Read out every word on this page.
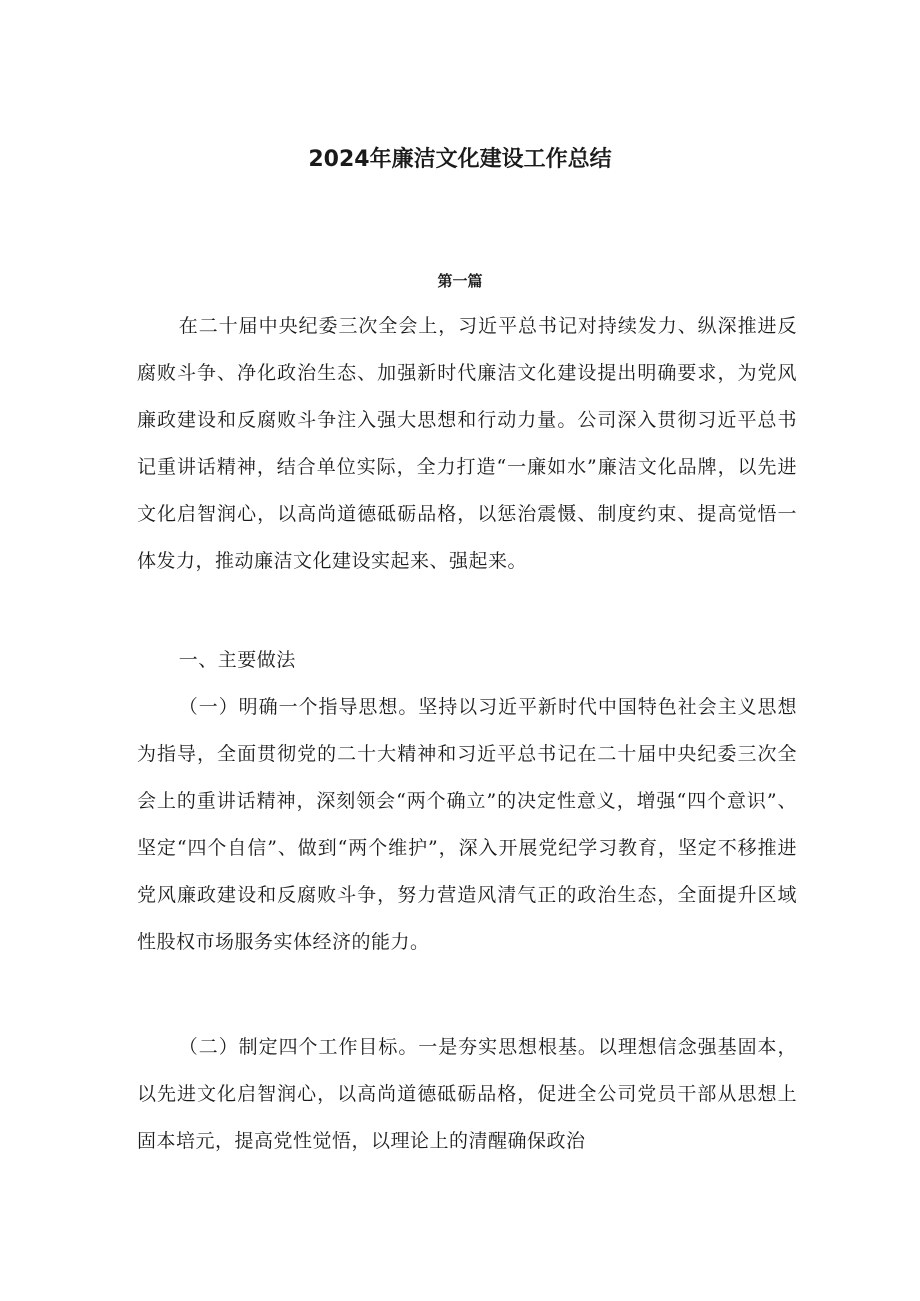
2024年廉洁文化建设工作总结
第一篇

在二十届中央纪委三次全会上，习近平总书记对持续发力、纵深推进反腐败斗争、净化政治生态、加强新时代廉洁文化建设提出明确要求，为党风廉政建设和反腐败斗争注入强大思想和行动力量。公司深入贯彻习近平总书记重讲话精神，结合单位实际，全力打造“一廉如水”廉洁文化品牌，以先进文化启智润心，以高尚道德砥砺品格，以惩治震慑、制度约束、提高觉悟一体发力，推动廉洁文化建设实起来、强起来。

一、主要做法

（一）明确一个指导思想。坚持以习近平新时代中国特色社会主义思想为指导，全面贯彻党的二十大精神和习近平总书记在二十届中央纪委三次全会上的重讲话精神，深刻领会“两个确立”的决定性意义，增强“四个意识”、坚定“四个自信”、做到“两个维护”，深入开展党纪学习教育，坚定不移推进党风廉政建设和反腐败斗争，努力营造风清气正的政治生态，全面提升区域性股权市场服务实体经济的能力。

（二）制定四个工作目标。一是夯实思想根基。以理想信念强基固本，以先进文化启智润心，以高尚道德砥砺品格，促进全公司党员干部从思想上固本培元，提高党性觉悟，以理论上的清醒确保政治
